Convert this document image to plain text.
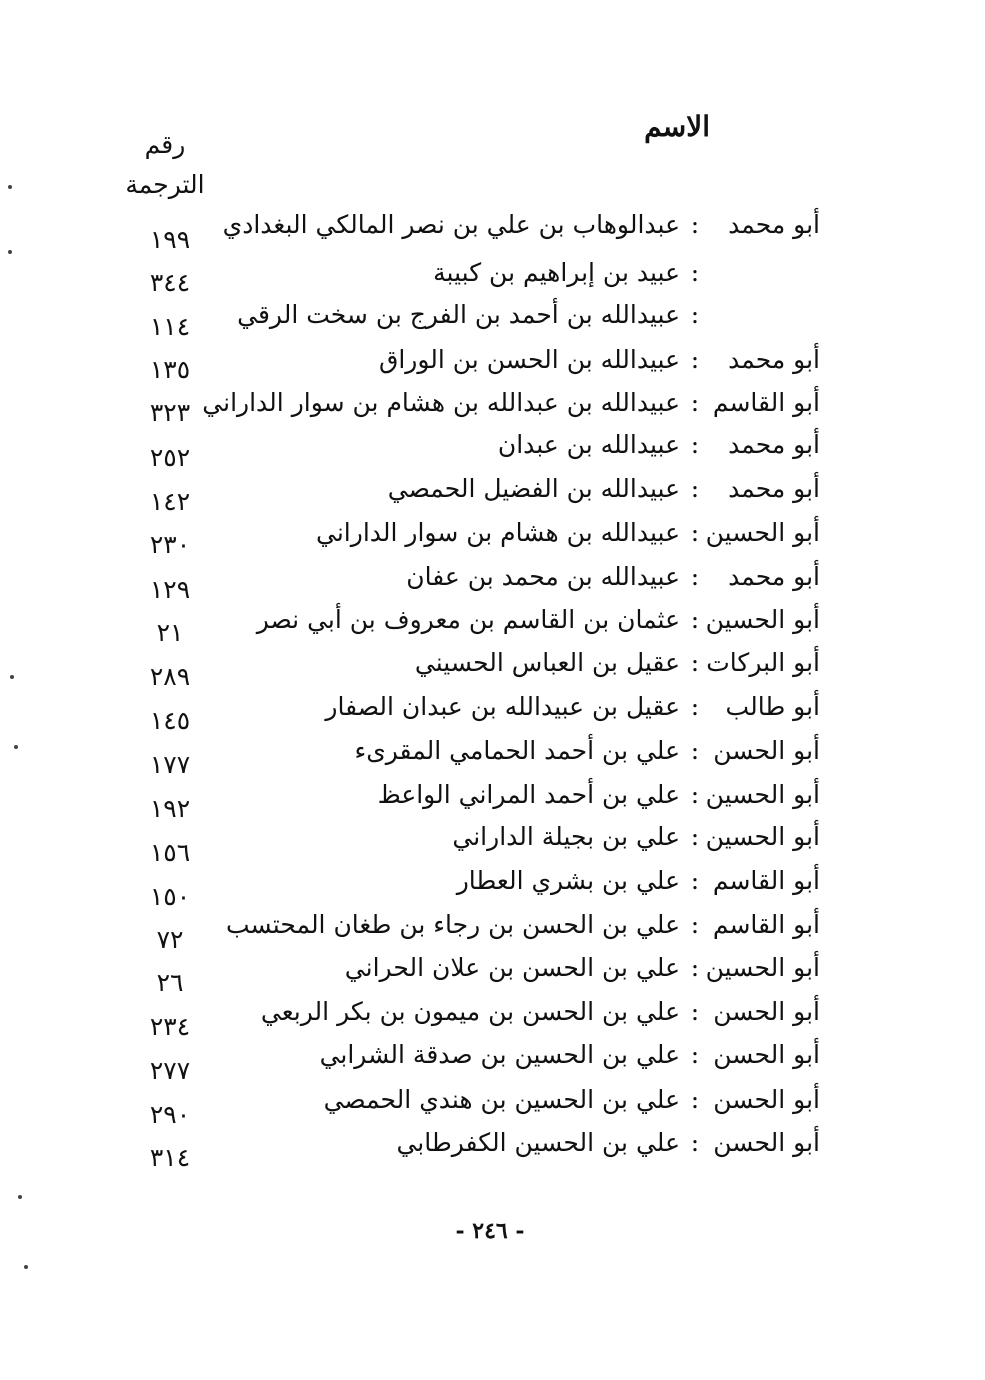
الاسم
رقم
الترجمة
أبو محمد
:
عبدالوهاب بن علي بن نصر المالكي البغدادي
١٩٩
:
عبيد بن إبراهيم بن كبيبة
٣٤٤
:
عبيدالله بن أحمد بن الفرج بن سخت الرقي
١١٤
أبو محمد
:
عبيدالله بن الحسن بن الوراق
١٣٥
أبو القاسم
:
عبيدالله بن عبدالله بن هشام بن سوار الداراني
٣٢٣
أبو محمد
:
عبيدالله بن عبدان
٢٥٢
أبو محمد
:
عبيدالله بن الفضيل الحمصي
١٤٢
أبو الحسين
:
عبيدالله بن هشام بن سوار الداراني
٢٣٠
أبو محمد
:
عبيدالله بن محمد بن عفان
١٢٩
أبو الحسين
:
عثمان بن القاسم بن معروف بن أبي نصر
٢١
أبو البركات
:
عقيل بن العباس الحسيني
٢٨٩
أبو طالب
:
عقيل بن عبيدالله بن عبدان الصفار
١٤٥
أبو الحسن
:
علي بن أحمد الحمامي المقرىء
١٧٧
أبو الحسين
:
علي بن أحمد المراني الواعظ
١٩٢
أبو الحسين
:
علي بن بجيلة الداراني
١٥٦
أبو القاسم
:
علي بن بشري العطار
١٥٠
أبو القاسم
:
علي بن الحسن بن رجاء بن طغان المحتسب
٧٢
أبو الحسين
:
علي بن الحسن بن علان الحراني
٢٦
أبو الحسن
:
علي بن الحسن بن ميمون بن بكر الربعي
٢٣٤
أبو الحسن
:
علي بن الحسين بن صدقة الشرابي
٢٧٧
أبو الحسن
:
علي بن الحسين بن هندي الحمصي
٢٩٠
أبو الحسن
:
علي بن الحسين الكفرطابي
٣١٤
- ٢٤٦ -
